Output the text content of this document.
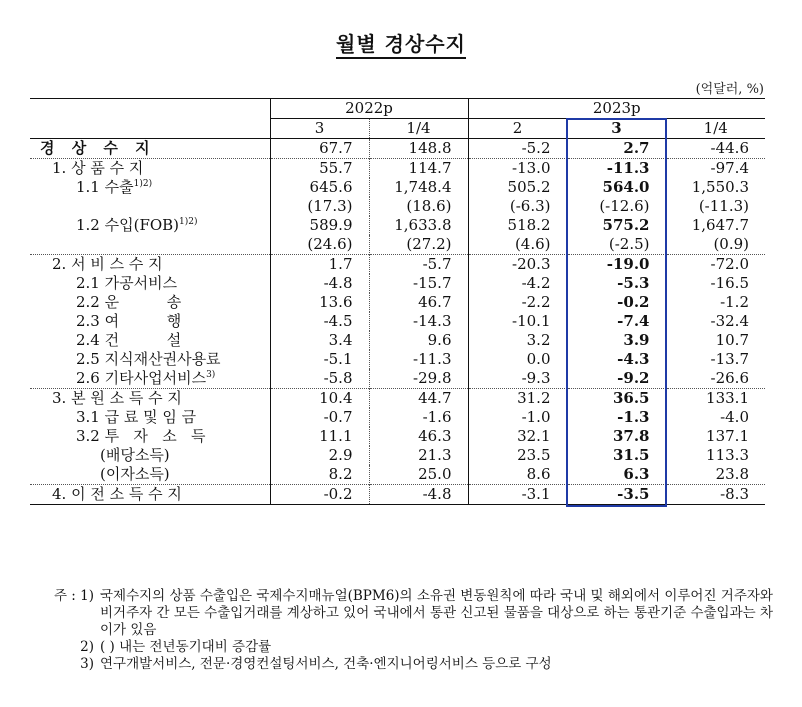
월별 경상수지
(억달러, %)
	2022p		2023p		
	3	1/4	2	3	1/4
경 상 수 지	67.7	148.8	-5.2	2.7	-44.6
1. 상 품 수 지	55.7	114.7	-13.0	-11.3	-97.4
1.1 수출$^{1)2)}$	645.6	1,748.4	505.2	564.0	1,550.3
	(17.3)	(18.6)	(-6.3)	(-12.6)	(-11.3)
1.2 수입(FOB)$^{1)2)}$	589.9	1,633.8	518.2	575.2	1,647.7
	(24.6)	(27.2)	(4.6)	(-2.5)	(0.9)
2. 서 비 스 수 지	1.7	-5.7	-20.3	-19.0	-72.0
2.1 가공서비스	-4.8	-15.7	-4.2	-5.3	-16.5
2.2 운          송	13.6	46.7	-2.2	-0.2	-1.2
2.3 여          행	-4.5	-14.3	-10.1	-7.4	-32.4
2.4 건          설	3.4	9.6	3.2	3.9	10.7
2.5 지식재산권사용료	-5.1	-11.3	0.0	-4.3	-13.7
2.6 기타사업서비스$^{3)}$	-5.8	-29.8	-9.3	-9.2	-26.6
3. 본 원 소 득 수 지	10.4	44.7	31.2	36.5	133.1
3.1 급 료 및 임 금	-0.7	-1.6	-1.0	-1.3	-4.0
3.2 투   자   소   득	11.1	46.3	32.1	37.8	137.1
(배당소득)	2.9	21.3	23.5	31.5	113.3
(이자소득)	8.2	25.0	8.6	6.3	23.8
4. 이 전 소 득 수 지	-0.2	-4.8	-3.1	-3.5	-8.3
주 : 1) 국제수지의 상품 수출입은 국제수지매뉴얼(BPM6)의 소유권 변동원칙에 따라 국내 및 해외에서 이루어진 거주자와 비거주자 간 모든 수출입거래를 계상하고 있어 국내에서 통관 신고된 물품을 대상으로 하는 통관기준 수출입과는 차이가 있음
2) ( ) 내는 전년동기대비 증감률
3) 연구개발서비스, 전문·경영컨설팅서비스, 건축·엔지니어링서비스 등으로 구성
